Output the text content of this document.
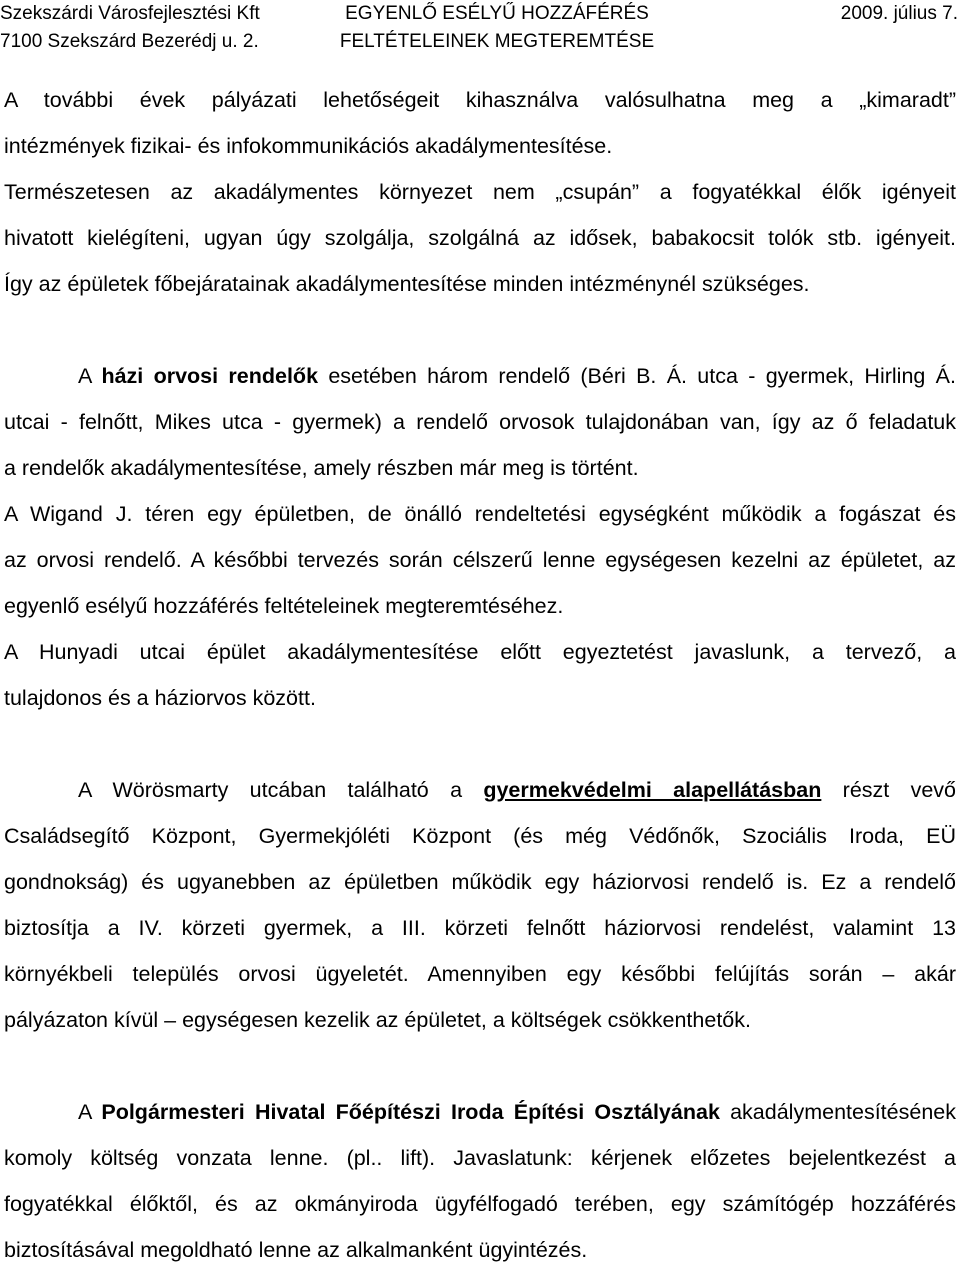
Szekszárdi Városfejlesztési Kft
7100 Szekszárd Bezerédj u. 2.
EGYENLŐ ESÉLYŰ HOZZÁFÉRÉS
FELTÉTELEINEK MEGTEREMTÉSE
2009. július 7.
A további évek pályázati lehetőségeit kihasználva valósulhatna meg a „kimaradt”
intézmények fizikai- és infokommunikációs akadálymentesítése.
Természetesen az akadálymentes környezet nem „csupán” a fogyatékkal élők igényeit
hivatott kielégíteni, ugyan úgy szolgálja, szolgálná az idősek, babakocsit tolók stb. igényeit.
Így az épületek főbejáratainak akadálymentesítése minden intézménynél szükséges.
A házi orvosi rendelők esetében három rendelő (Béri B. Á. utca - gyermek, Hirling Á.
utcai - felnőtt, Mikes utca - gyermek) a rendelő orvosok tulajdonában van, így az ő feladatuk
a rendelők akadálymentesítése, amely részben már meg is történt.
A Wigand J. téren egy épületben, de önálló rendeltetési egységként működik a fogászat és
az orvosi rendelő. A későbbi tervezés során célszerű lenne egységesen kezelni az épületet, az
egyenlő esélyű hozzáférés feltételeinek megteremtéséhez.
A Hunyadi utcai épület akadálymentesítése előtt egyeztetést javaslunk, a tervező, a
tulajdonos és a háziorvos között.
A Wörösmarty utcában található a gyermekvédelmi alapellátásban részt vevő
Családsegítő Központ, Gyermekjóléti Központ (és még Védőnők, Szociális Iroda, EÜ
gondnokság) és ugyanebben az épületben működik egy háziorvosi rendelő is. Ez a rendelő
biztosítja a IV. körzeti gyermek, a III. körzeti felnőtt háziorvosi rendelést, valamint 13
környékbeli település orvosi ügyeletét. Amennyiben egy későbbi felújítás során – akár
pályázaton kívül – egységesen kezelik az épületet, a költségek csökkenthetők.
A Polgármesteri Hivatal Főépítészi Iroda Építési Osztályának akadálymentesítésének
komoly költség vonzata lenne. (pl.. lift). Javaslatunk: kérjenek előzetes bejelentkezést a
fogyatékkal élőktől, és az okmányiroda ügyfélfogadó terében, egy számítógép hozzáférés
biztosításával megoldható lenne az alkalmanként ügyintézés.
